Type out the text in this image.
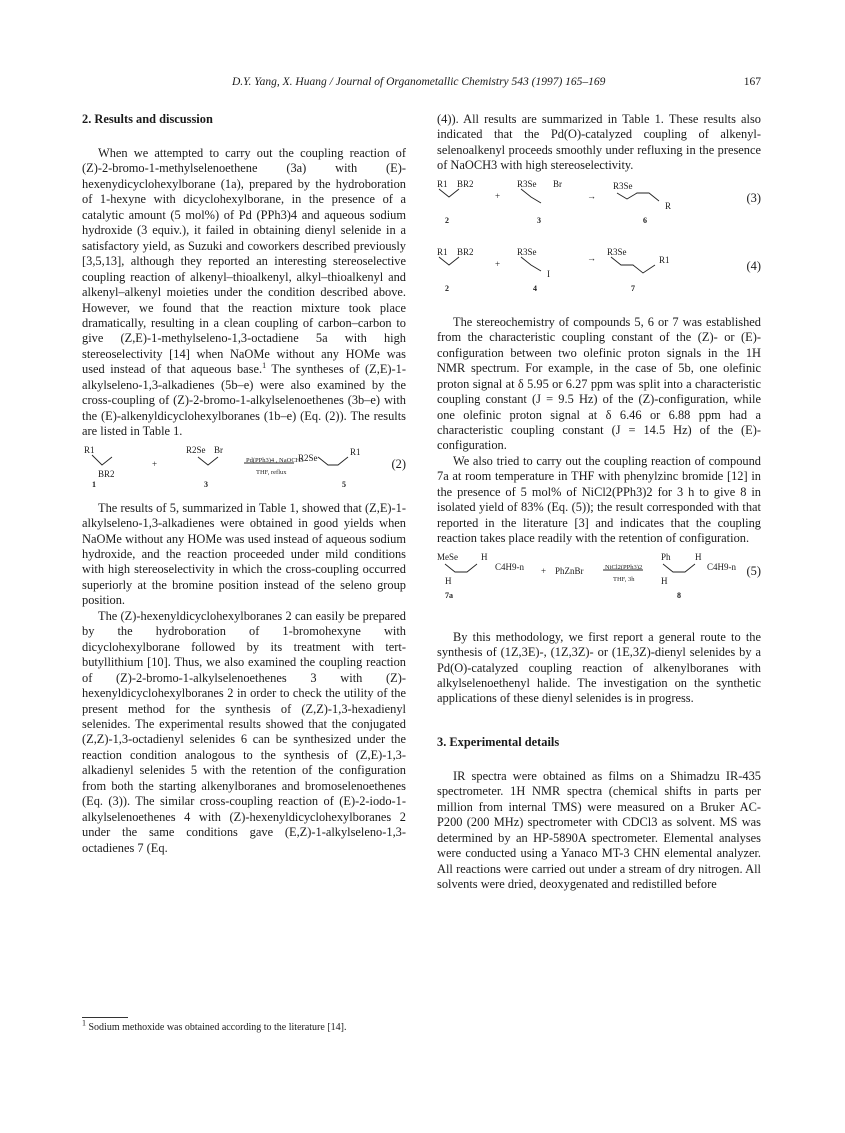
D.Y. Yang, X. Huang / Journal of Organometallic Chemistry 543 (1997) 165–169	167
2. Results and discussion

When we attempted to carry out the coupling reaction of (Z)-2-bromo-1-methylselenoethene (3a) with (E)-hexenydicyclohexylborane (1a), prepared by the hydroboration of 1-hexyne with dicyclohexylborane, in the presence of a catalytic amount (5 mol%) of Pd (PPh3)4 and aqueous sodium hydroxide (3 equiv.), it failed in obtaining dienyl selenide in a satisfactory yield, as Suzuki and coworkers described previously [3,5,13], although they reported an interesting stereoselective coupling reaction of alkenyl–thioalkenyl, alkyl–thioalkenyl and alkenyl–alkenyl moieties under the condition described above. However, we found that the reaction mixture took place dramatically, resulting in a clean coupling of carbon–carbon to give (Z,E)-1-methylseleno-1,3-octadiene 5a with high stereoselectivity [14] when NaOMe without any HOMe was used instead of that aqueous base.$^1$ The syntheses of (Z,E)-1-alkylseleno-1,3-alkadienes (5b–e) were also examined by the cross-coupling of (Z)-2-bromo-1-alkylselenoethenes (3b–e) with the (E)-alkenyldicyclohexylboranes (1b–e) (Eq. (2)). The results are listed in Table 1.

R1
BR2
+
R2Se Br
Pd(PPh3)4 , NaOCH3
THF, reflux
R2Se
R1
1	3	5
(2)

The results of 5, summarized in Table 1, showed that (Z,E)-1-alkylseleno-1,3-alkadienes were obtained in good yields when NaOMe without any HOMe was used instead of aqueous sodium hydroxide, and the reaction proceeded under mild conditions with high stereoselectivity in which the cross-coupling occurred superiorly at the bromine position instead of the seleno group position.

The (Z)-hexenyldicyclohexylboranes 2 can easily be prepared by the hydroboration of 1-bromohexyne with dicyclohexylborane followed by its treatment with tert-butyllithium [10]. Thus, we also examined the coupling reaction of (Z)-2-bromo-1-alkylselenoethenes 3 with (Z)-hexenyldicyclohexylboranes 2 in order to check the utility of the present method for the synthesis of (Z,Z)-1,3-hexadienyl selenides. The experimental results showed that the conjugated (Z,Z)-1,3-octadienyl selenides 6 can be synthesized under the reaction condition analogous to the synthesis of (Z,E)-1,3-alkadienyl selenides 5 with the retention of the configuration from both the starting alkenylboranes and bromoselenoethenes (Eq. (3)). The similar cross-coupling reaction of (E)-2-iodo-1-alkylselenoethenes 4 with (Z)-hexenyldicyclohexylboranes 2 under the same conditions gave (E,Z)-1-alkylseleno-1,3-octadienes 7 (Eq.

$^1$ Sodium methoxide was obtained according to the literature [14].

(4)). All results are summarized in Table 1. These results also indicated that the Pd(O)-catalyzed coupling of alkenyl-selenoalkenyl proceeds smoothly under refluxing in the presence of NaOCH3 with high stereoselectivity.

R1 BR2
+
R3Se Br
→
R3Se
R
2	3	6
(3)
R1 BR2
+
R3Se
I
→
R3Se
R1
2	4	7
(4)

The stereochemistry of compounds 5, 6 or 7 was established from the characteristic coupling constant of the (Z)- or (E)-configuration between two olefinic proton signals in the 1H NMR spectrum. For example, in the case of 5b, one olefinic proton signal at δ 5.95 or 6.27 ppm was split into a characteristic coupling constant (J = 9.5 Hz) of the (Z)-configuration, while one olefinic proton signal at δ 6.46 or 6.88 ppm had a characteristic coupling constant (J = 14.5 Hz) of the (E)-configuration.

We also tried to carry out the coupling reaction of compound 7a at room temperature in THF with phenylzinc bromide [12] in the presence of 5 mol% of NiCl2(PPh3)2 for 3 h to give 8 in isolated yield of 83% (Eq. (5)); the result corresponded with that reported in the literature [3] and indicates that the coupling reaction takes place readily with the retention of configuration.

MeSe	H
C4H9-n
H
+ PhZnBr	NiCl2(PPh3)2
THF, 3h
Ph	H
C4H9-n
H
7a	8
(5)

By this methodology, we first report a general route to the synthesis of (1Z,3E)-, (1Z,3Z)- or (1E,3Z)-dienyl selenides by a Pd(O)-catalyzed coupling reaction of alkenylboranes with alkylselenoethenyl halide. The investigation on the synthetic applications of these dienyl selenides is in progress.

3. Experimental details

IR spectra were obtained as films on a Shimadzu IR-435 spectrometer. 1H NMR spectra (chemical shifts in parts per million from internal TMS) were measured on a Bruker AC-P200 (200 MHz) spectrometer with CDCl3 as solvent. MS was determined by an HP-5890A spectrometer. Elemental analyses were conducted using a Yanaco MT-3 CHN elemental analyzer. All reactions were carried out under a stream of dry nitrogen. All solvents were dried, deoxygenated and redistilled before
